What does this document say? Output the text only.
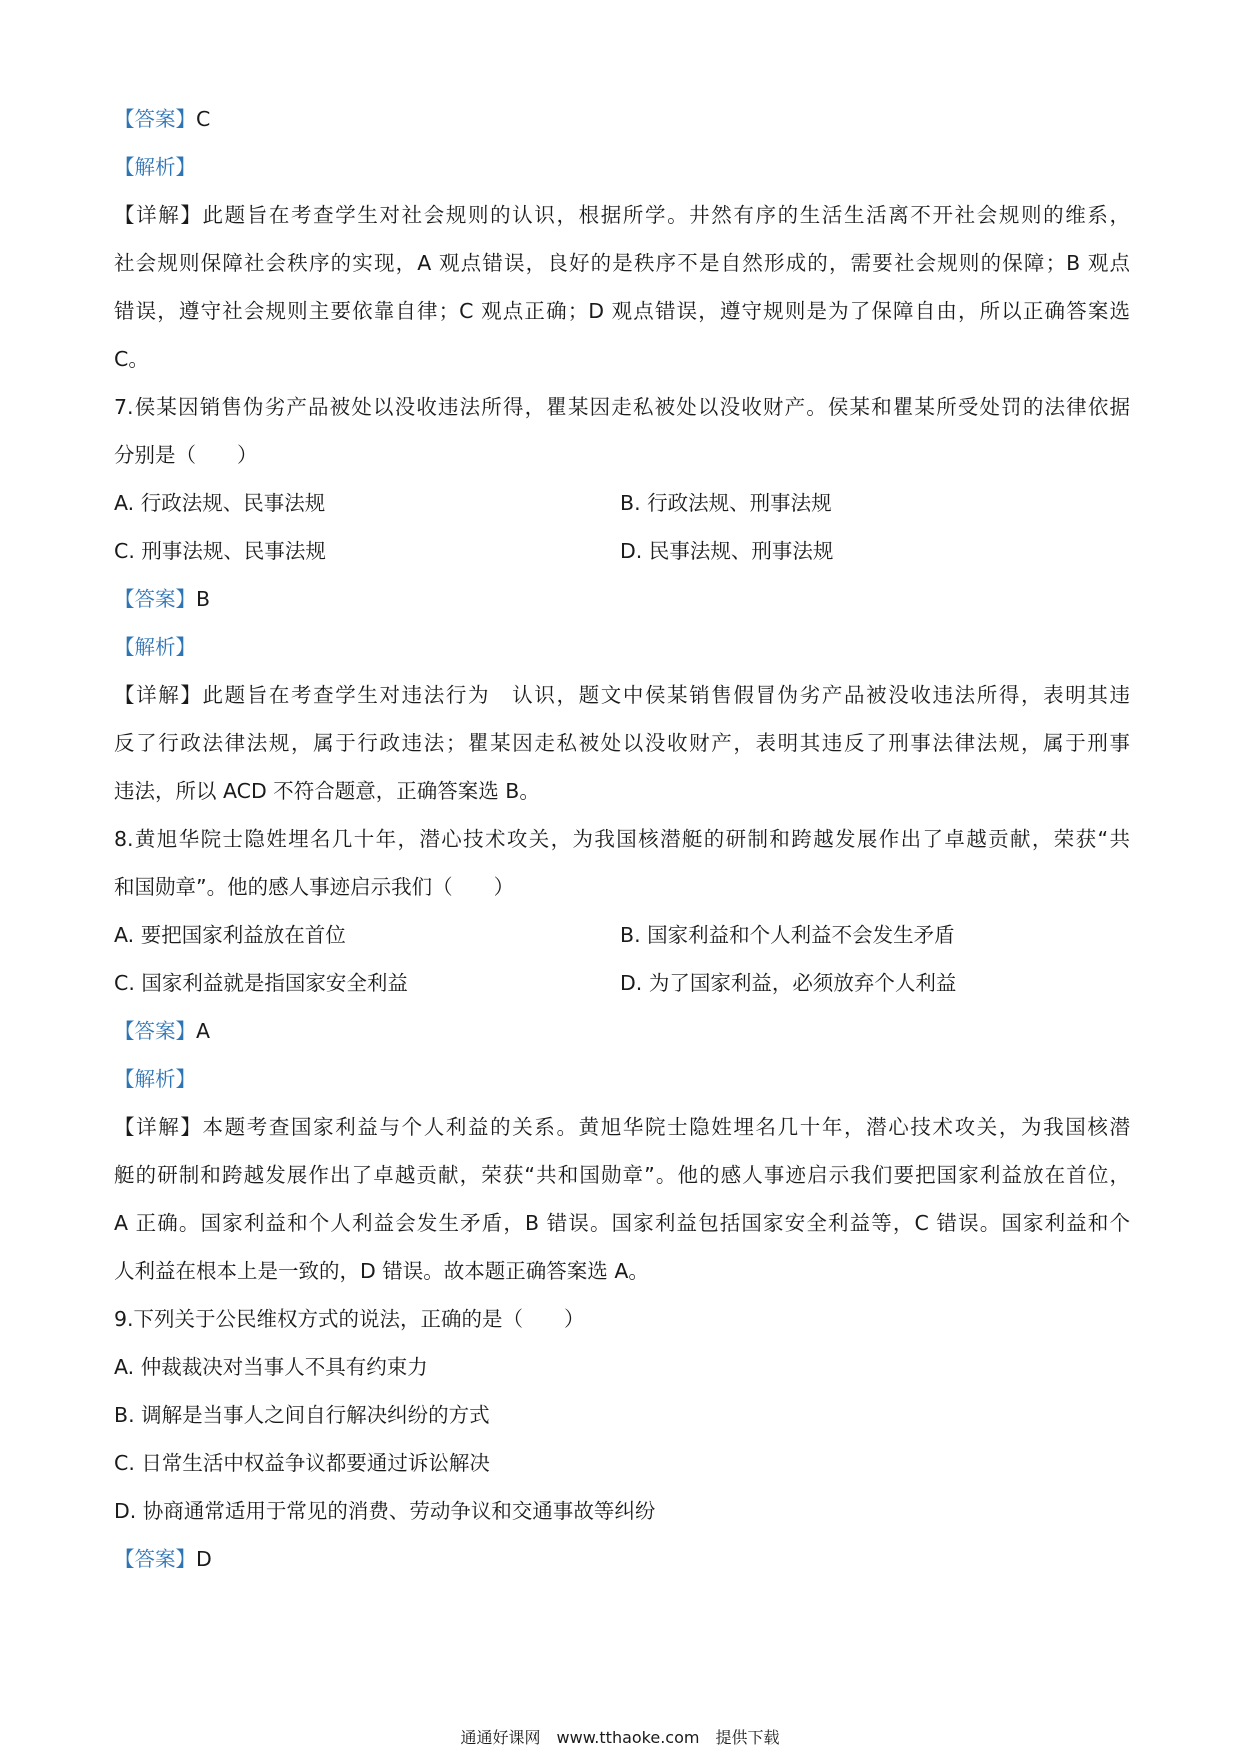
【答案】C
【解析】
【详解】此题旨在考查学生对社会规则的认识，根据所学。井然有序的生活生活离不开社会规则的维系，
社会规则保障社会秩序的实现，A 观点错误，良好的是秩序不是自然形成的，需要社会规则的保障；B 观点
错误，遵守社会规则主要依靠自律；C 观点正确；D 观点错误，遵守规则是为了保障自由，所以正确答案选
C。
7.侯某因销售伪劣产品被处以没收违法所得，瞿某因走私被处以没收财产。侯某和瞿某所受处罚的法律依据
分别是（　　）
A. 行政法规、民事法规	B. 行政法规、刑事法规
C. 刑事法规、民事法规	D. 民事法规、刑事法规
【答案】B
【解析】
【详解】此题旨在考查学生对违法行为　认识，题文中侯某销售假冒伪劣产品被没收违法所得，表明其违
反了行政法律法规，属于行政违法；瞿某因走私被处以没收财产，表明其违反了刑事法律法规，属于刑事
违法，所以 ACD 不符合题意，正确答案选 B。
8.黄旭华院士隐姓埋名几十年，潜心技术攻关，为我国核潜艇的研制和跨越发展作出了卓越贡献，荣获“共
和国勋章”。他的感人事迹启示我们（　　）
A. 要把国家利益放在首位	B. 国家利益和个人利益不会发生矛盾
C. 国家利益就是指国家安全利益	D. 为了国家利益，必须放弃个人利益
【答案】A
【解析】
【详解】本题考查国家利益与个人利益的关系。黄旭华院士隐姓埋名几十年，潜心技术攻关，为我国核潜
艇的研制和跨越发展作出了卓越贡献，荣获“共和国勋章”。他的感人事迹启示我们要把国家利益放在首位，
A 正确。国家利益和个人利益会发生矛盾，B 错误。国家利益包括国家安全利益等，C 错误。国家利益和个
人利益在根本上是一致的，D 错误。故本题正确答案选 A。
9.下列关于公民维权方式的说法，正确的是（　　）
A. 仲裁裁决对当事人不具有约束力
B. 调解是当事人之间自行解决纠纷的方式
C. 日常生活中权益争议都要通过诉讼解决
D. 协商通常适用于常见的消费、劳动争议和交通事故等纠纷
【答案】D
通通好课网　www.tthaoke.com　提供下载
